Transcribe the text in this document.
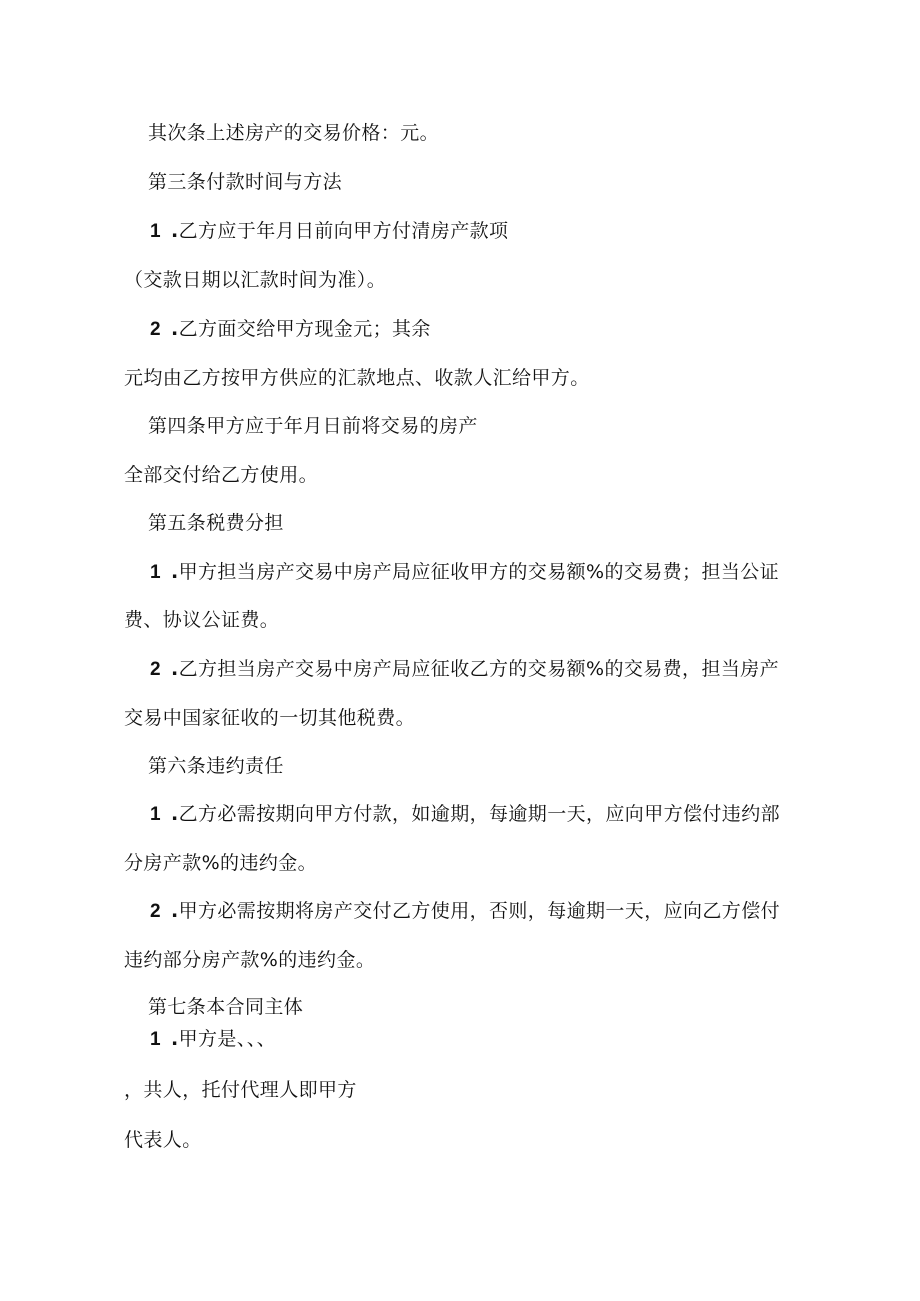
其次条上述房产的交易价格：元。
第三条付款时间与方法
1 .乙方应于年月日前向甲方付清房产款项
（交款日期以汇款时间为准）。
2 .乙方面交给甲方现金元；其余
元均由乙方按甲方供应的汇款地点、收款人汇给甲方。
第四条甲方应于年月日前将交易的房产
全部交付给乙方使用。
第五条税费分担
1 .甲方担当房产交易中房产局应征收甲方的交易额%的交易费；担当公证
费、协议公证费。
2 .乙方担当房产交易中房产局应征收乙方的交易额%的交易费，担当房产
交易中国家征收的一切其他税费。
第六条违约责任
1 .乙方必需按期向甲方付款，如逾期，每逾期一天，应向甲方偿付违约部
分房产款%的违约金。
2 .甲方必需按期将房产交付乙方使用，否则，每逾期一天，应向乙方偿付
违约部分房产款%的违约金。
第七条本合同主体
1 .甲方是、、、
，共人，托付代理人即甲方
代表人。
